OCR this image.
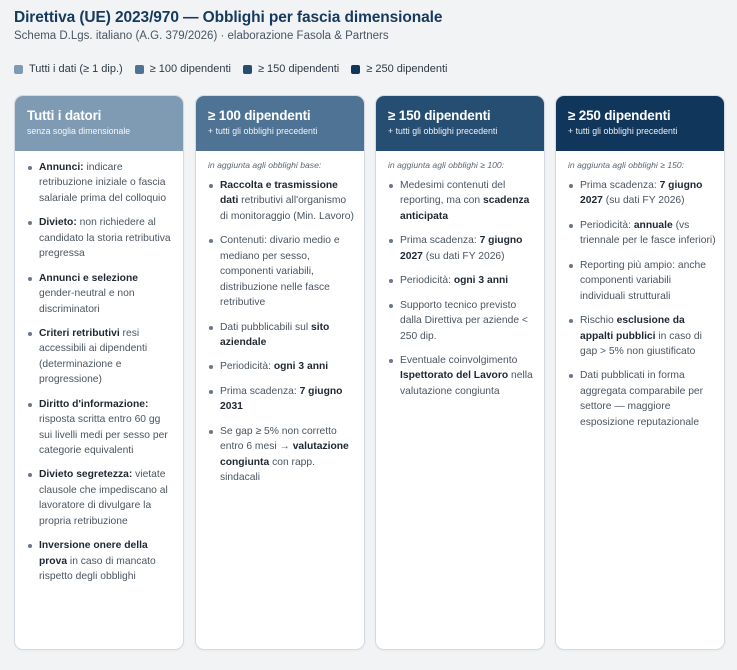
Direttiva (UE) 2023/970 — Obblighi per fascia dimensionale
Schema D.Lgs. italiano (A.G. 379/2026) · elaborazione Fasola & Partners
Tutti i dati (≥ 1 dip.) ≥ 100 dipendenti ≥ 150 dipendenti ≥ 250 dipendenti
Tutti i datori
senza soglia dimensionale
Annunci: indicare retribuzione iniziale o fascia salariale prima del colloquio
Divieto: non richiedere al candidato la storia retributiva pregressa
Annunci e selezione gender-neutral e non discriminatori
Criteri retributivi resi accessibili ai dipendenti (determinazione e progressione)
Diritto d'informazione: risposta scritta entro 60 gg sui livelli medi per sesso per categorie equivalenti
Divieto segretezza: vietate clausole che impediscano al lavoratore di divulgare la propria retribuzione
Inversione onere della prova in caso di mancato rispetto degli obblighi
≥ 100 dipendenti
+ tutti gli obblighi precedenti
in aggiunta agli obblighi base:
Raccolta e trasmissione dati retributivi all'organismo di monitoraggio (Min. Lavoro)
Contenuti: divario medio e mediano per sesso, componenti variabili, distribuzione nelle fasce retributive
Dati pubblicabili sul sito aziendale
Periodicità: ogni 3 anni
Prima scadenza: 7 giugno 2031
Se gap ≥ 5% non corretto entro 6 mesi → valutazione congiunta con rapp. sindacali
≥ 150 dipendenti
+ tutti gli obblighi precedenti
in aggiunta agli obblighi ≥ 100:
Medesimi contenuti del reporting, ma con scadenza anticipata
Prima scadenza: 7 giugno 2027 (su dati FY 2026)
Periodicità: ogni 3 anni
Supporto tecnico previsto dalla Direttiva per aziende < 250 dip.
Eventuale coinvolgimento Ispettorato del Lavoro nella valutazione congiunta
≥ 250 dipendenti
+ tutti gli obblighi precedenti
in aggiunta agli obblighi ≥ 150:
Prima scadenza: 7 giugno 2027 (su dati FY 2026)
Periodicità: annuale (vs triennale per le fasce inferiori)
Reporting più ampio: anche componenti variabili individuali strutturali
Rischio esclusione da appalti pubblici in caso di gap > 5% non giustificato
Dati pubblicati in forma aggregata comparabile per settore — maggiore esposizione reputazionale
